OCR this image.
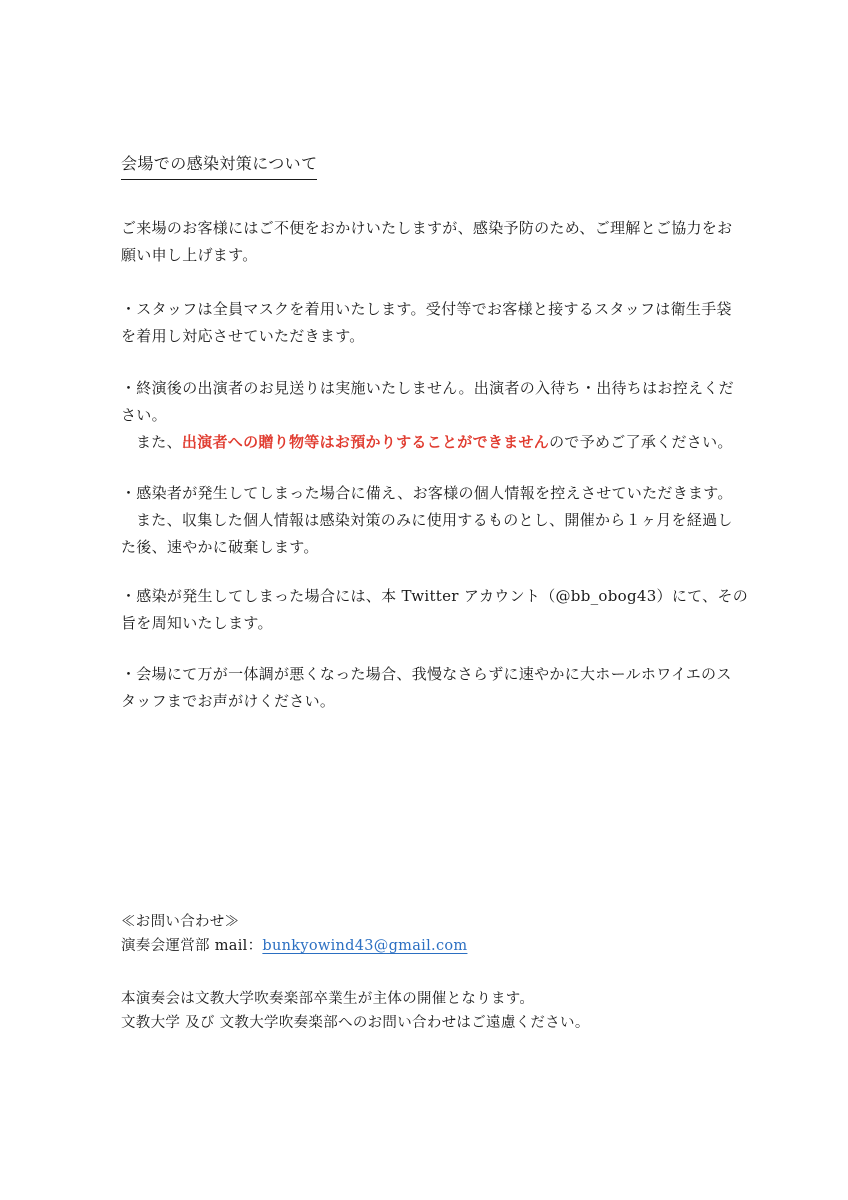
会場での感染対策について
ご来場のお客様にはご不便をおかけいたしますが、感染予防のため、ご理解とご協力をお
願い申し上げます。
・スタッフは全員マスクを着用いたします。受付等でお客様と接するスタッフは衛生手袋
を着用し対応させていただきます。
・終演後の出演者のお見送りは実施いたしません。出演者の入待ち・出待ちはお控えくだ
さい。
また、出演者への贈り物等はお預かりすることができませんので予めご了承ください。
・感染者が発生してしまった場合に備え、お客様の個人情報を控えさせていただきます。
また、収集した個人情報は感染対策のみに使用するものとし、開催から１ヶ月を経過し
た後、速やかに破棄します。
・感染が発生してしまった場合には、本 Twitter アカウント（@bb_obog43）にて、その
旨を周知いたします。
・会場にて万が一体調が悪くなった場合、我慢なさらずに速やかに大ホールホワイエのス
タッフまでお声がけください。
≪お問い合わせ≫
演奏会運営部 mail：bunkyowind43@gmail.com
本演奏会は文教大学吹奏楽部卒業生が主体の開催となります。
文教大学 及び 文教大学吹奏楽部へのお問い合わせはご遠慮ください。
